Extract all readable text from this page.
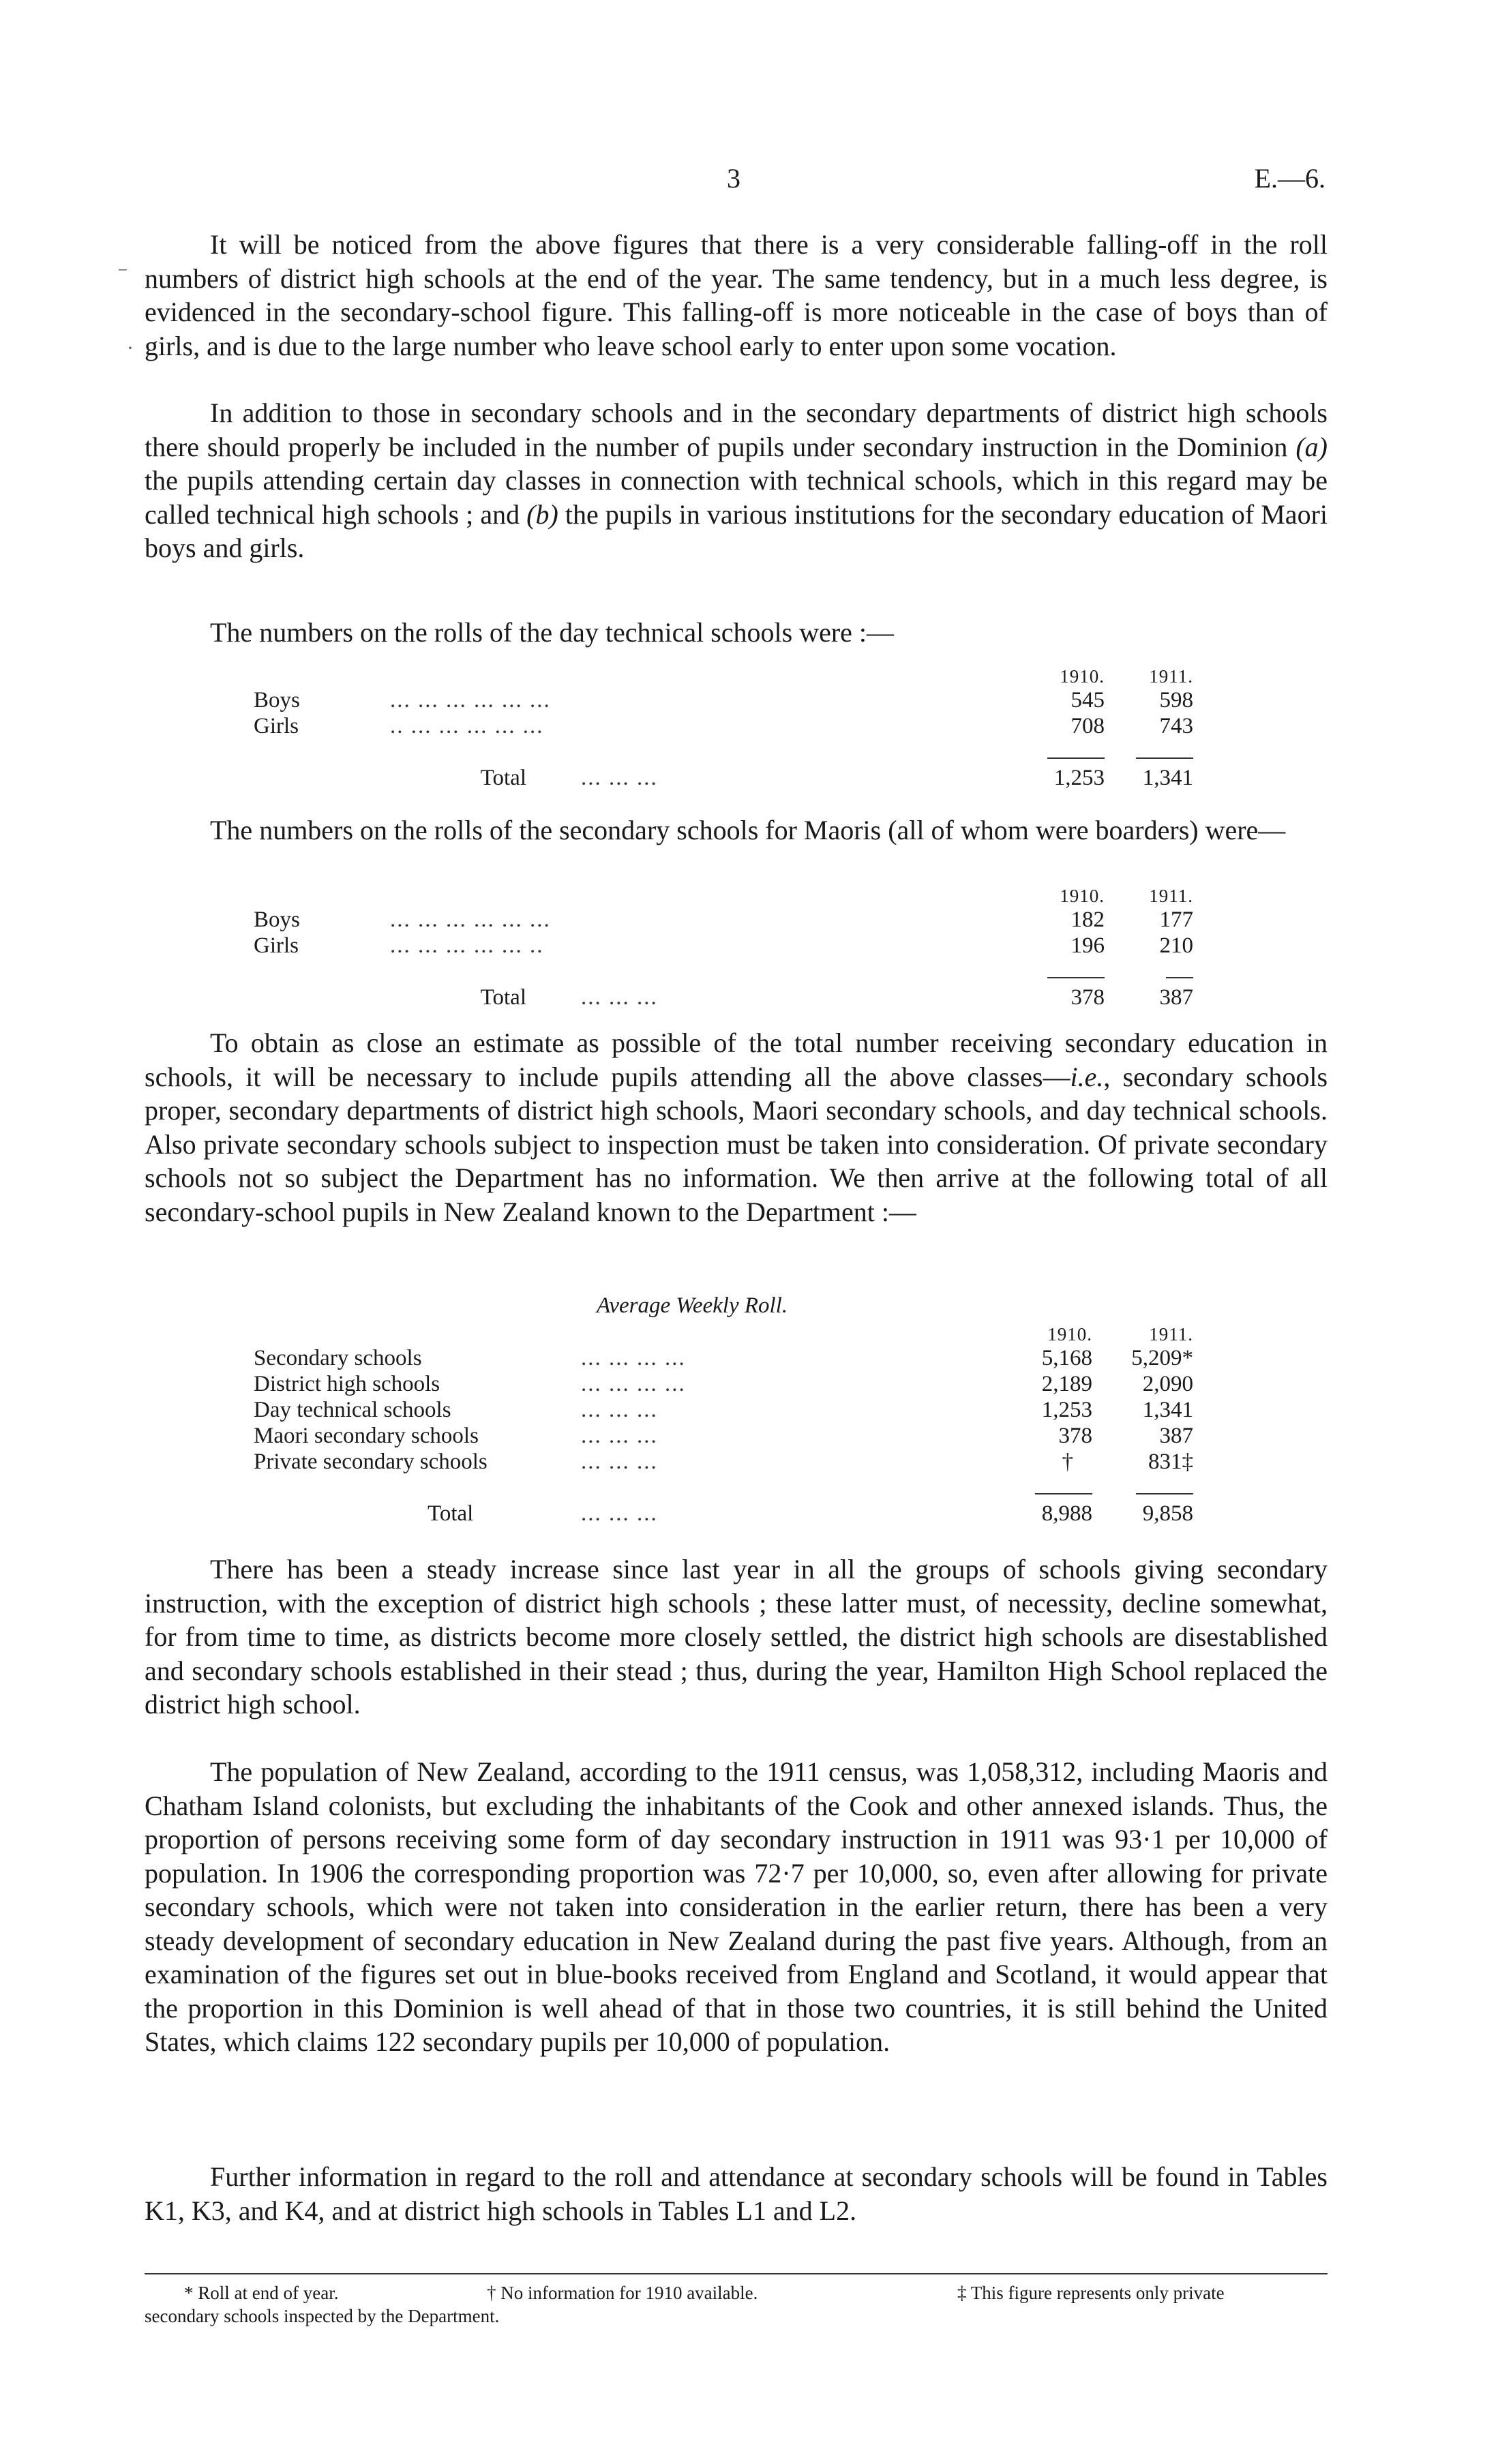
3	E.—6.
⁻
·

It will be noticed from the above figures that there is a very considerable falling-off in the roll numbers of district high schools at the end of the year. The same tendency, but in a much less degree, is evidenced in the secondary-school figure. This falling-off is more noticeable in the case of boys than of girls, and is due to the large number who leave school early to enter upon some vocation.

In addition to those in secondary schools and in the secondary departments of district high schools there should properly be included in the number of pupils under secondary instruction in the Dominion (a) the pupils attending certain day classes in connection with technical schools, which in this regard may be called technical high schools ; and (b) the pupils in various institutions for the secondary education of Maori boys and girls.

The numbers on the rolls of the day technical schools were :—
		1910.	1911.
Boys	... ... ... ... ... ...	545	598
Girls	.. ... ... ... ... ...	708	743

	Total ... ... ...	1,253	1,341

The numbers on the rolls of the secondary schools for Maoris (all of whom were boarders) were—

		1910.	1911.
Boys	... ... ... ... ... ...	182	177
Girls	... ... ... ... ... ..	196	210

	Total ... ... ...	378	387

To obtain as close an estimate as possible of the total number receiving secondary education in schools, it will be necessary to include pupils attending all the above classes—i.e., secondary schools proper, secondary departments of district high schools, Maori secondary schools, and day technical schools. Also private secondary schools subject to inspection must be taken into consideration. Of private secondary schools not so subject the Department has no information. We then arrive at the following total of all secondary-school pupils in New Zealand known to the Department :—

Average Weekly Roll.
		1910.	1911.
Secondary schools	... ... ... ...	5,168	5,209*
District high schools	... ... ... ...	2,189	2,090
Day technical schools	... ... ...	1,253	1,341
Maori secondary schools	... ... ...	378	387
Private secondary schools	... ... ...	†	831‡

	Total ... ... ...	8,988	9,858

There has been a steady increase since last year in all the groups of schools giving secondary instruction, with the exception of district high schools ; these latter must, of necessity, decline somewhat, for from time to time, as districts become more closely settled, the district high schools are disestablished and secondary schools established in their stead ; thus, during the year, Hamilton High School replaced the district high school.

The population of New Zealand, according to the 1911 census, was 1,058,312, including Maoris and Chatham Island colonists, but excluding the inhabitants of the Cook and other annexed islands. Thus, the proportion of persons receiving some form of day secondary instruction in 1911 was 93·1 per 10,000 of population. In 1906 the corresponding proportion was 72·7 per 10,000, so, even after allowing for private secondary schools, which were not taken into consideration in the earlier return, there has been a very steady development of secondary education in New Zealand during the past five years. Although, from an examination of the figures set out in blue-books received from England and Scotland, it would appear that the proportion in this Dominion is well ahead of that in those two countries, it is still behind the United States, which claims 122 secondary pupils per 10,000 of population.

Further information in regard to the roll and attendance at secondary schools will be found in Tables K1, K3, and K4, and at district high schools in Tables L1 and L2.

* Roll at end of year.	† No information for 1910 available.	‡ This figure represents only private
secondary schools inspected by the Department.
